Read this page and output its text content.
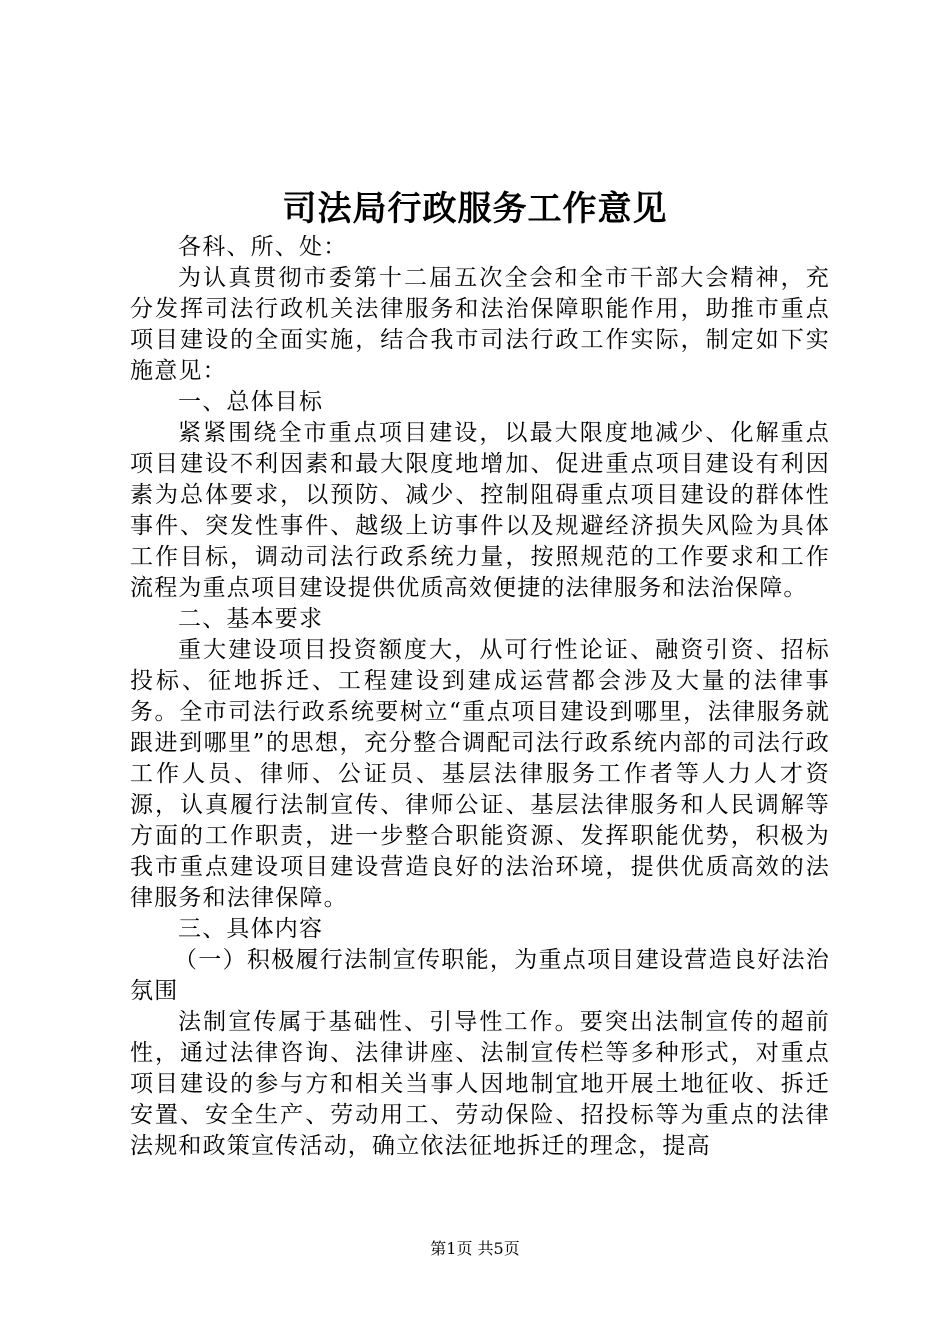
司法局行政服务工作意见

各科、所、处：

为认真贯彻市委第十二届五次全会和全市干部大会精神，充分发挥司法行政机关法律服务和法治保障职能作用，助推市重点项目建设的全面实施，结合我市司法行政工作实际，制定如下实施意见：

一、总体目标

紧紧围绕全市重点项目建设，以最大限度地减少、化解重点项目建设不利因素和最大限度地增加、促进重点项目建设有利因素为总体要求，以预防、减少、控制阻碍重点项目建设的群体性事件、突发性事件、越级上访事件以及规避经济损失风险为具体工作目标，调动司法行政系统力量，按照规范的工作要求和工作流程为重点项目建设提供优质高效便捷的法律服务和法治保障。

二、基本要求

重大建设项目投资额度大，从可行性论证、融资引资、招标投标、征地拆迁、工程建设到建成运营都会涉及大量的法律事务。全市司法行政系统要树立“重点项目建设到哪里，法律服务就跟进到哪里”的思想，充分整合调配司法行政系统内部的司法行政工作人员、律师、公证员、基层法律服务工作者等人力人才资源，认真履行法制宣传、律师公证、基层法律服务和人民调解等方面的工作职责，进一步整合职能资源、发挥职能优势，积极为我市重点建设项目建设营造良好的法治环境，提供优质高效的法律服务和法律保障。

三、具体内容

（一）积极履行法制宣传职能，为重点项目建设营造良好法治氛围

法制宣传属于基础性、引导性工作。要突出法制宣传的超前性，通过法律咨询、法律讲座、法制宣传栏等多种形式，对重点项目建设的参与方和相关当事人因地制宜地开展土地征收、拆迁安置、安全生产、劳动用工、劳动保险、招投标等为重点的法律法规和政策宣传活动，确立依法征地拆迁的理念，提高

第1页 共5页
